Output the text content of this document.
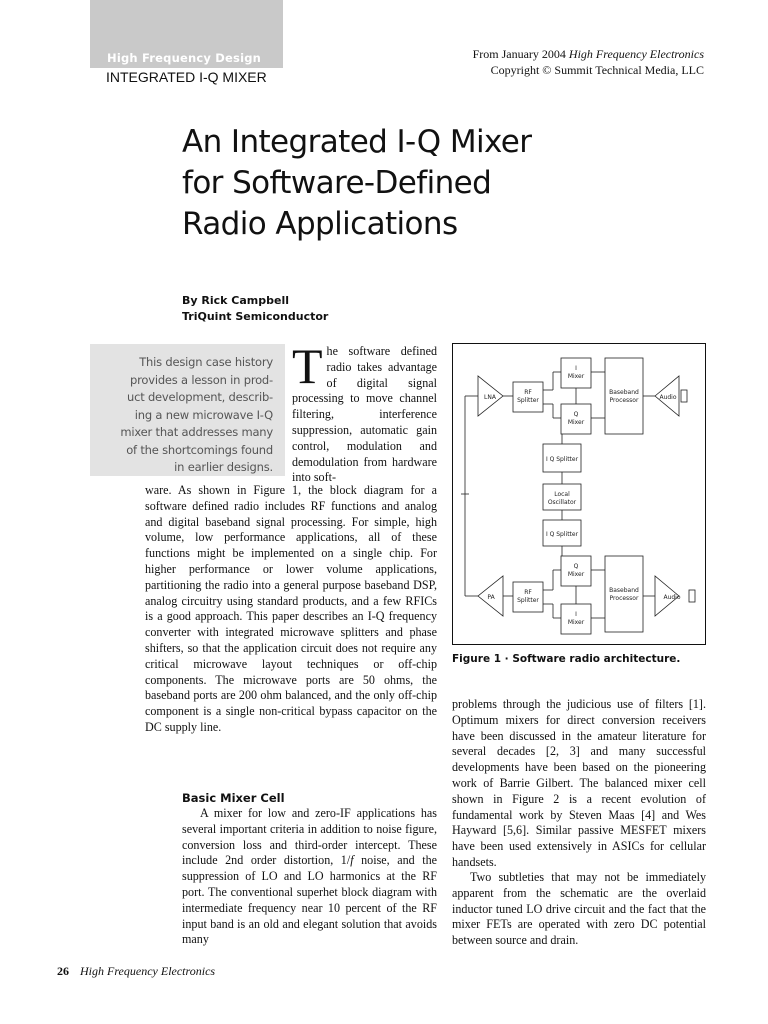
High Frequency Design
INTEGRATED I-Q MIXER
From January 2004 High Frequency Electronics
Copyright © Summit Technical Media, LLC
An Integrated I-Q Mixer
for Software-Defined
Radio Applications
By Rick Campbell
TriQuint Semiconductor
This design case history
provides a lesson in prod-
uct development, describ-
ing a new microwave I-Q
mixer that addresses many
of the shortcomings found
in earlier designs.
T he software defined radio takes advantage of digital signal processing to move channel filtering, interference suppression, automatic gain control, modulation and demodulation from hardware into soft-

ware. As shown in Figure 1, the block diagram for a software defined radio includes RF functions and analog and digital baseband signal processing. For simple, high volume, low performance applications, all of these functions might be implemented on a single chip. For higher performance or lower volume applications, partitioning the radio into a general purpose baseband DSP, analog circuitry using standard products, and a few RFICs is a good approach. This paper describes an I-Q frequency converter with integrated microwave splitters and phase shifters, so that the application circuit does not require any critical microwave layout techniques or off-chip components. The microwave ports are 50 ohms, the baseband ports are 200 ohm balanced, and the only off-chip component is a single non-critical bypass capacitor on the DC supply line.

Basic Mixer Cell

A mixer for low and zero-IF applications has several important criteria in addition to noise figure, conversion loss and third-order intercept. These include 2nd order distortion, 1/f noise, and the suppression of LO and LO harmonics at the RF port. The conventional superhet block diagram with intermediate frequency near 10 percent of the RF input band is an old and elegant solution that avoids many

LNA
PA
RF
Splitter
RF
Splitter
I
Mixer
Q
Mixer
Baseband
Processor	Audio
I Q Splitter
Local
Oscillator
I Q Splitter
Q
Mixer
I
Mixer
Baseband
Processor	Audio
Figure 1 · Software radio architecture.

problems through the judicious use of filters [1]. Optimum mixers for direct conversion receivers have been discussed in the amateur literature for several decades [2, 3] and many successful developments have been based on the pioneering work of Barrie Gilbert. The balanced mixer cell shown in Figure 2 is a recent evolution of fundamental work by Steven Maas [4] and Wes Hayward [5,6]. Similar passive MESFET mixers have been used extensively in ASICs for cellular handsets.

Two subtleties that may not be immediately apparent from the schematic are the overlaid inductor tuned LO drive circuit and the fact that the mixer FETs are operated with zero DC potential between source and drain.

26 High Frequency Electronics
